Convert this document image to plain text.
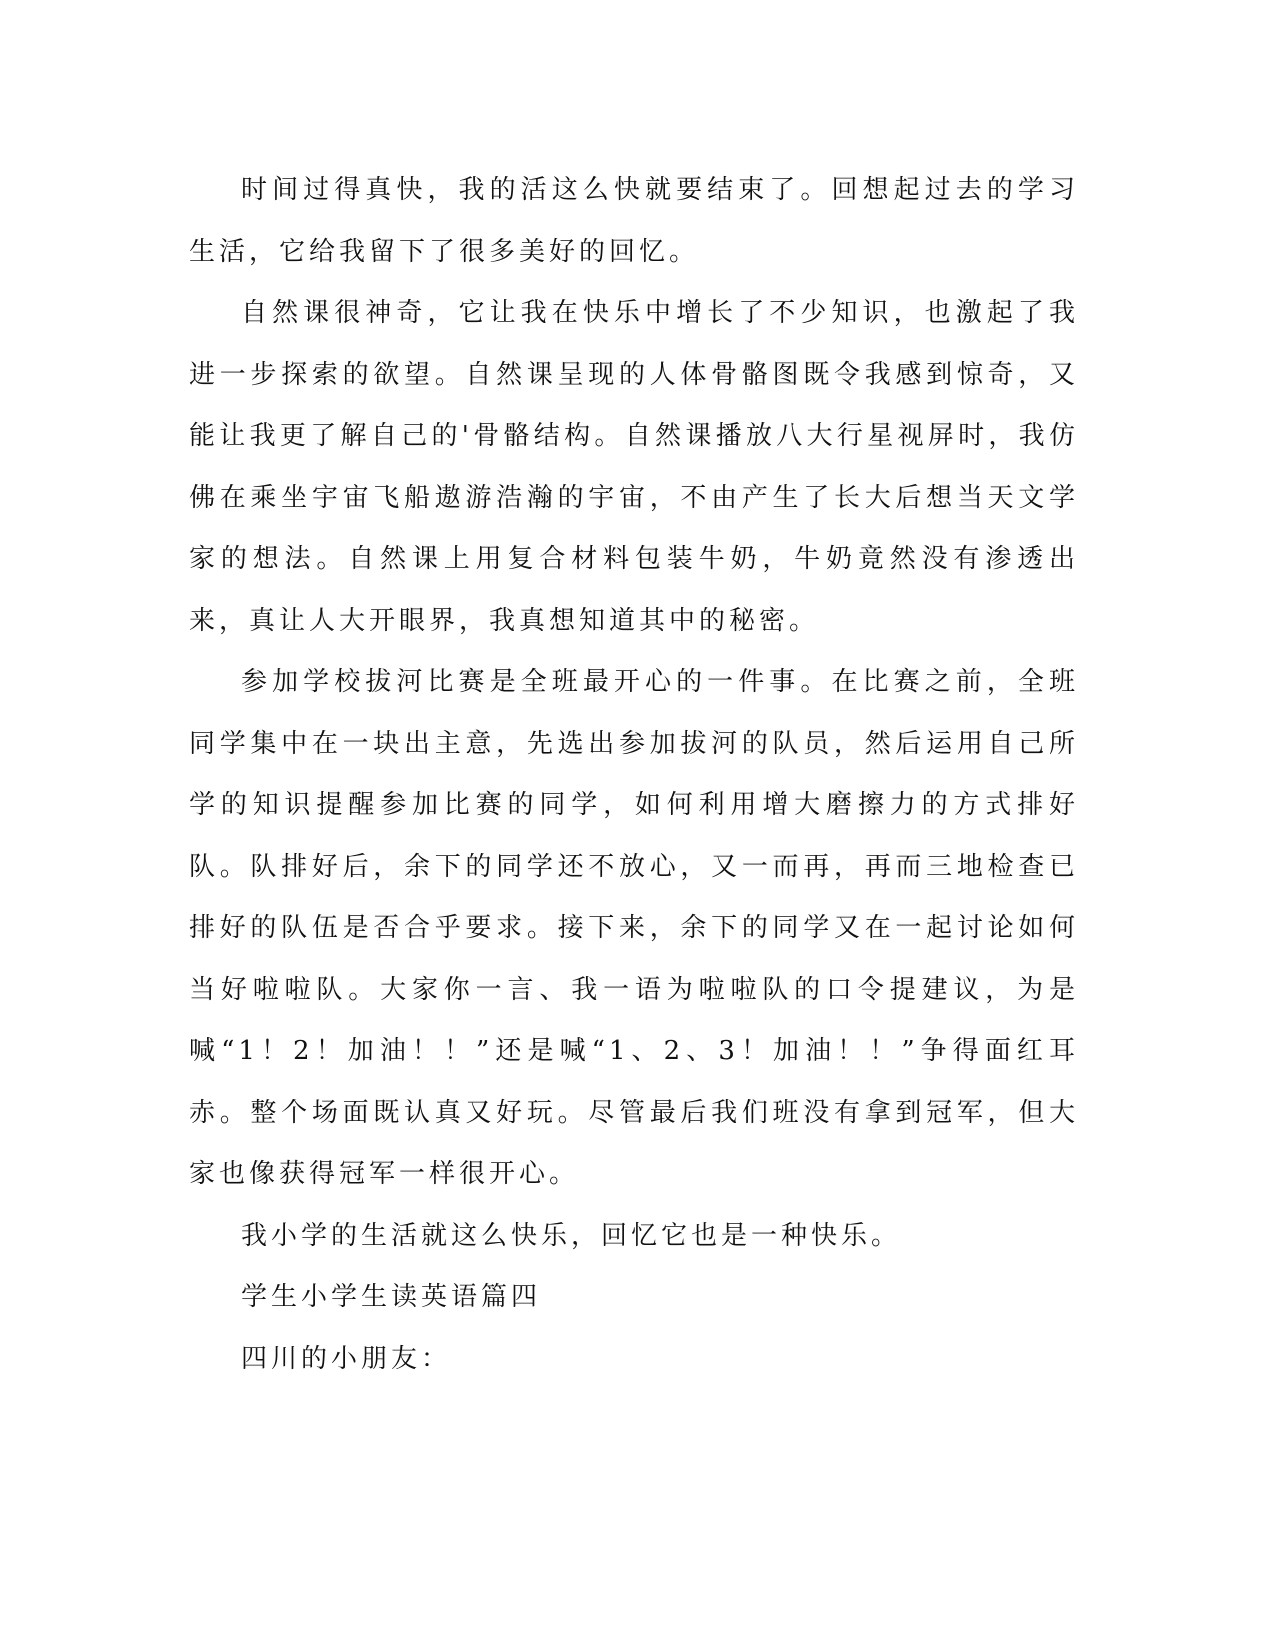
时间过得真快，我的活这么快就要结束了。回想起过去的学习生活，它给我留下了很多美好的回忆。

自然课很神奇，它让我在快乐中增长了不少知识，也激起了我进一步探索的欲望。自然课呈现的人体骨骼图既令我感到惊奇，又能让我更了解自己的'骨骼结构。自然课播放八大行星视屏时，我仿佛在乘坐宇宙飞船遨游浩瀚的宇宙，不由产生了长大后想当天文学家的想法。自然课上用复合材料包装牛奶，牛奶竟然没有渗透出来，真让人大开眼界，我真想知道其中的秘密。

参加学校拔河比赛是全班最开心的一件事。在比赛之前，全班同学集中在一块出主意，先选出参加拔河的队员，然后运用自己所学的知识提醒参加比赛的同学，如何利用增大磨擦力的方式排好队。队排好后，余下的同学还不放心，又一而再，再而三地检查已排好的队伍是否合乎要求。接下来，余下的同学又在一起讨论如何当好啦啦队。大家你一言、我一语为啦啦队的口令提建议，为是喊“1！2！加油！！”还是喊“1、2、3！加油！！”争得面红耳赤。整个场面既认真又好玩。尽管最后我们班没有拿到冠军，但大家也像获得冠军一样很开心。

我小学的生活就这么快乐，回忆它也是一种快乐。

学生小学生读英语篇四

四川的小朋友：
